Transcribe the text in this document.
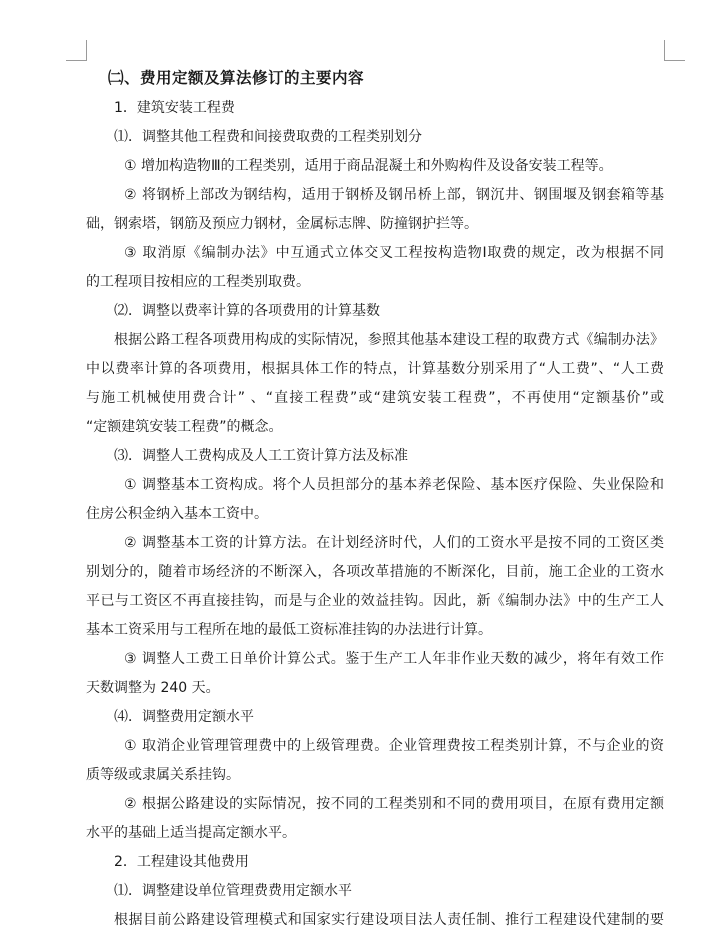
㈡、费用定额及算法修订的主要内容
1．建筑安装工程费
⑴．调整其他工程费和间接费取费的工程类别划分
① 增加构造物Ⅲ的工程类别，适用于商品混凝土和外购构件及设备安装工程等。
② 将钢桥上部改为钢结构，适用于钢桥及钢吊桥上部，钢沉井、钢围堰及钢套箱等基
础，钢索塔，钢筋及预应力钢材，金属标志牌、防撞钢护拦等。
③ 取消原《编制办法》中互通式立体交叉工程按构造物Ⅰ取费的规定，改为根据不同
的工程项目按相应的工程类别取费。
⑵．调整以费率计算的各项费用的计算基数
根据公路工程各项费用构成的实际情况，参照其他基本建设工程的取费方式《编制办法》
中以费率计算的各项费用，根据具体工作的特点，计算基数分别采用了“人工费”、“人工费
与施工机械使用费合计” 、“直接工程费”或“建筑安装工程费”，不再使用“定额基价”或
“定额建筑安装工程费”的概念。
⑶．调整人工费构成及人工工资计算方法及标准
① 调整基本工资构成。将个人员担部分的基本养老保险、基本医疗保险、失业保险和
住房公积金纳入基本工资中。
② 调整基本工资的计算方法。在计划经济时代，人们的工资水平是按不同的工资区类
别划分的，随着市场经济的不断深入，各项改革措施的不断深化，目前，施工企业的工资水
平已与工资区不再直接挂钩，而是与企业的效益挂钩。因此，新《编制办法》中的生产工人
基本工资采用与工程所在地的最低工资标准挂钩的办法进行计算。
③ 调整人工费工日单价计算公式。鉴于生产工人年非作业天数的减少，将年有效工作
天数调整为 240 天。
⑷．调整费用定额水平
① 取消企业管理管理费中的上级管理费。企业管理费按工程类别计算，不与企业的资
质等级或隶属关系挂钩。
② 根据公路建设的实际情况，按不同的工程类别和不同的费用项目，在原有费用定额
水平的基础上适当提高定额水平。
2．工程建设其他费用
⑴．调整建设单位管理费费用定额水平
根据目前公路建设管理模式和国家实行建设项目法人责任制、推行工程建设代建制的要
